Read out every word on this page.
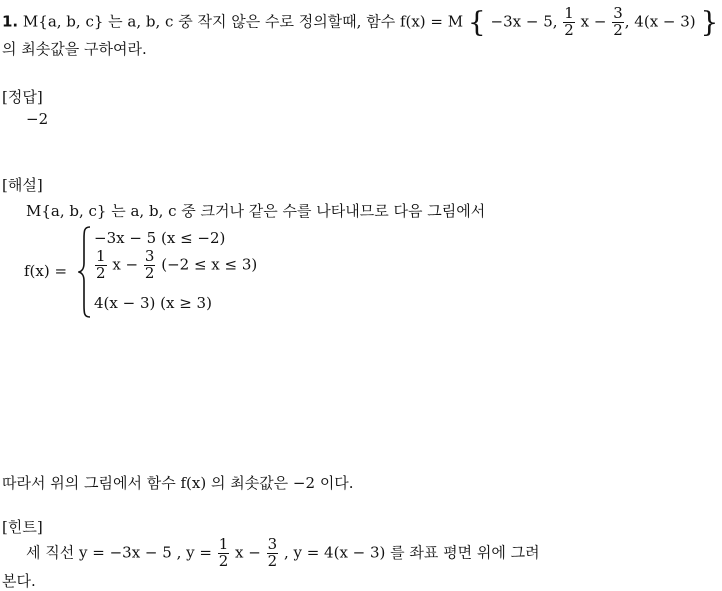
1. M{a, b, c} 는 a, b, c 중 작지 않은 수로 정의할때, 함수 f(x) = M { −3x − 5, $\frac{1}{2}$ $x - \frac{3}{2}$ , 4(x − 3) }
의 최솟값을 구하여라.
[정답]
−2
[해설]
M{a, b, c} 는 a, b, c 중 크거나 같은 수를 나타내므로 다음 그림에서
f(x) =
−3x − 5 (x ≤ −2)
$\frac{1}{2}$ $x - \frac{3}{2} (-2 \le x \le 3)$
4(x − 3) (x ≥ 3)
따라서 위의 그림에서 함수 f(x) 의 최솟값은 −2 이다.
[힌트]
세 직선 y = −3x − 5 , $y = \frac{1}{2}$ $x - \frac{3}{2}$ , y = 4(x − 3) 를 좌표 평면 위에 그려
본다.
